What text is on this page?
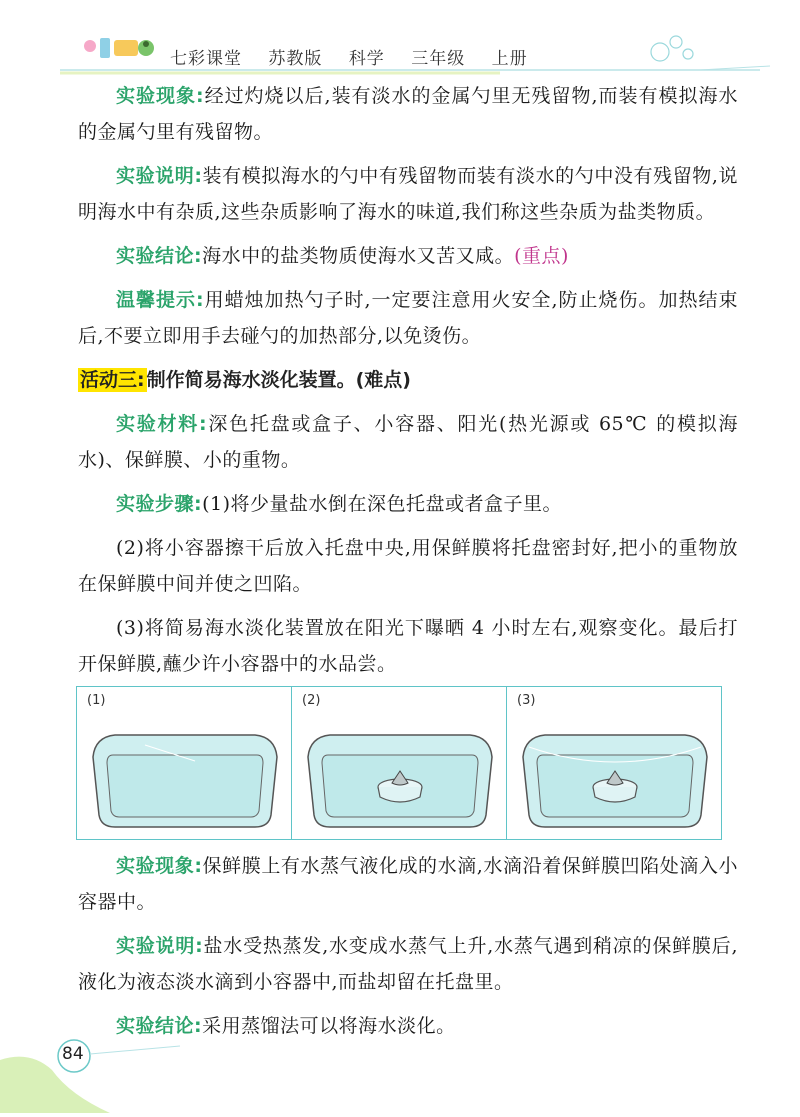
七彩课堂 苏教版 科学 三年级 上册

实验现象:经过灼烧以后,装有淡水的金属勺里无残留物,而装有模拟海水的金属勺里有残留物。

实验说明:装有模拟海水的勺中有残留物而装有淡水的勺中没有残留物,说明海水中有杂质,这些杂质影响了海水的味道,我们称这些杂质为盐类物质。

实验结论:海水中的盐类物质使海水又苦又咸。(重点)

温馨提示:用蜡烛加热勺子时,一定要注意用火安全,防止烧伤。加热结束后,不要立即用手去碰勺的加热部分,以免烫伤。

活动三: 制作简易海水淡化装置。(难点)

实验材料:深色托盘或盒子、小容器、阳光(热光源或 65℃ 的模拟海水)、保鲜膜、小的重物。

实验步骤:(1)将少量盐水倒在深色托盘或者盒子里。

(2)将小容器擦干后放入托盘中央,用保鲜膜将托盘密封好,把小的重物放在保鲜膜中间并使之凹陷。

(3)将简易海水淡化装置放在阳光下曝晒 4 小时左右,观察变化。最后打开保鲜膜,蘸少许小容器中的水品尝。

(1)	(2)	(3)

实验现象:保鲜膜上有水蒸气液化成的水滴,水滴沿着保鲜膜凹陷处滴入小容器中。

实验说明:盐水受热蒸发,水变成水蒸气上升,水蒸气遇到稍凉的保鲜膜后,液化为液态淡水滴到小容器中,而盐却留在托盘里。

实验结论:采用蒸馏法可以将海水淡化。

84
